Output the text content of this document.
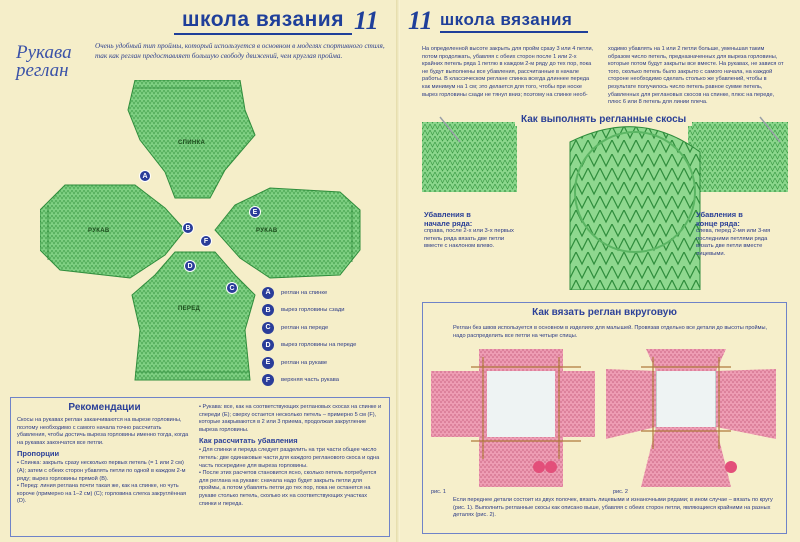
школа вязания 11
Рукава реглан
Очень удобный тип проймы, который используется в основном в моделях спортивного стиля, так как реглан предоставляет большую свободу движений, чем круглая пройма.
СПИНКА
РУКАВ	РУКАВ
ПЕРЕД
A
B
C
D
E
F
A	реглан на спинке
B	вырез горловины сзади
C	реглан на переде
D	вырез горловины на переде
E	реглан на рукаве
F	верхняя часть рукава
Рекомендации
Скосы на рукавах реглан заканчиваются на вырезе горловины, поэтому необходимо с самого начала точно рассчитать убавления, чтобы достичь выреза горловины именно тогда, когда на рукавах закончатся все петли.
Пропорции
• Спинка: закрыть сразу несколько первых петель (= 1 или 2 см) (A); затем с обеих сторон убавлять петли по одной в каждом 2-м ряду; вырез горловины прямой (B).
• Перед: линия реглана почти такая же, как на спинке, но чуть короче (примерно на 1–2 см) (C); горловина слегка закруглённая (D).
• Рукава: все, как на соответствующих реглановых скосах на спинке и спереди (E); сверху остается несколько петель – примерно 5 см (F), которые закрываются в 2 или 3 приема, продолжая закругление выреза горловины.
Как рассчитать убавления
• Для спинки и переда следует разделить на три части общее число петель: две одинаковые части для каждого регланового скоса и одна часть посередине для выреза горловины.
• После этих расчетов становится ясно, сколько петель потребуется для реглана на рукаве: сначала надо будет закрыть петли для проймы, а потом убавлять петли до тех пор, пока не останется на рукаве столько петель, сколько их на соответствующих участках спинки и переда.
11 школа вязания
На определенной высоте закрыть для пройм сразу 3 или 4 петли, потом продолжать, убавляя с обеих сторон после 1 или 2-х крайних петель ряда 1 петлю в каждом 2-м ряду до тех пор, пока не будут выполнены все убавления, рассчитанные в начале работы. В классическом реглане спинка всегда длиннее переда как минимум на 1 см; это делается для того, чтобы при носке вырез горловины сзади не тянул вниз; поэтому на спинке необ-
ходимо убавлять на 1 или 2 петли больше, уменьшая таким образом число петель, предназначенных для выреза горловины, которые потом будут закрыты все вместе. На рукавах, не завися от того, сколько петель было закрыто с самого начала, на каждой стороне необходимо сделать столько же убавлений, чтобы в результате получилось число петель равное сумме петель, убавленных для реглановых скосов на спинке, плюс на переде, плюс 6 или 8 петель для линии плеча.
Как выполнять регланные скосы
Убавления в начале ряда:
справа, после 2-х или 3-х первых петель ряда вязать две петли вместе с наклоном влево.
Убавления в конце ряда:
слева, перед 2-мя или 3-мя последними петлями ряда вязать две петли вместе лицевыми.
Как вязать реглан вкруговую
Реглан без швов используется в основном в изделиях для малышей. Провязав отдельно все детали до высоты проймы, надо распределить все петли на четыре спицы.
рис. 1	рис. 2
Если переднее детали состоит из двух полочек, вязать лицевыми и изнаночными рядами; в ином случае – вязать по кругу (рис. 1). Выполнить регланные скосы как описано выше, убавляя с обеих сторон петли, являющиеся крайними на разных деталях (рис. 2).
